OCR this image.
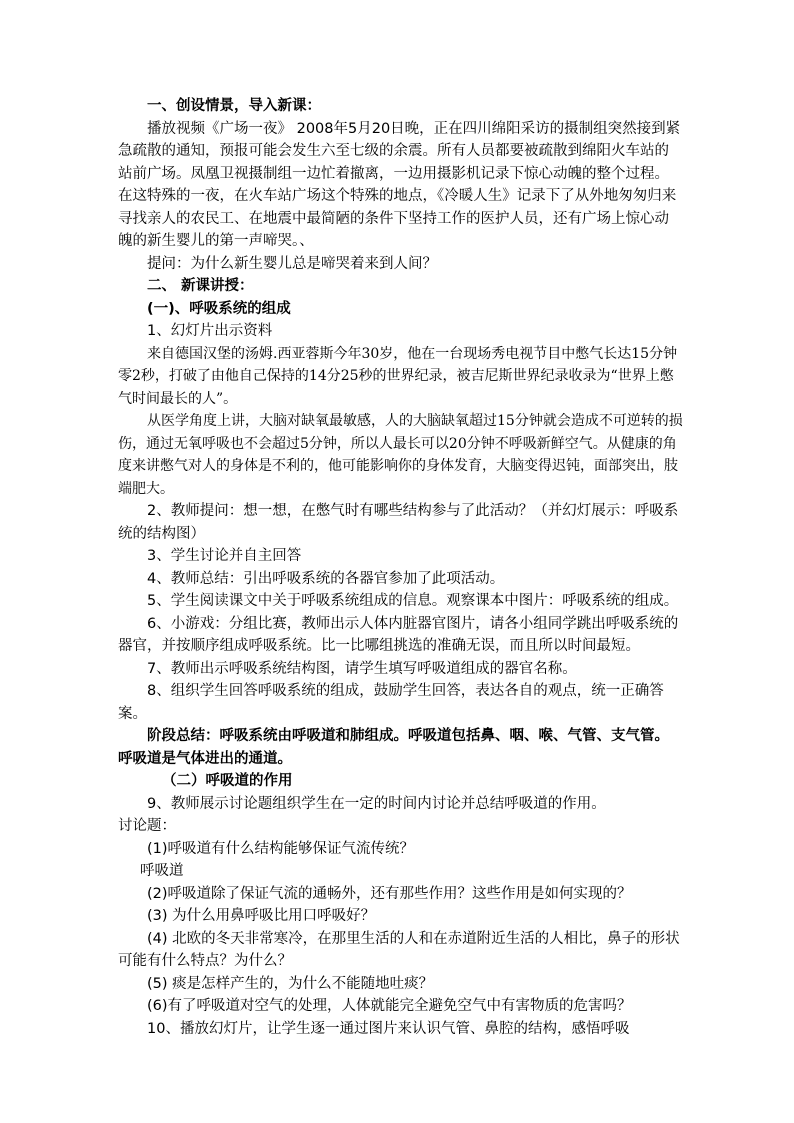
一、创设情景，导入新课：

播放视频《广场一夜》 2008年5月20日晚，正在四川绵阳采访的摄制组突然接到紧急疏散的通知，预报可能会发生六至七级的余震。所有人员都要被疏散到绵阳火车站的站前广场。凤凰卫视摄制组一边忙着撤离，一边用摄影机记录下惊心动魄的整个过程。在这特殊的一夜，在火车站广场这个特殊的地点，《冷暖人生》记录下了从外地匆匆归来寻找亲人的农民工、在地震中最简陋的条件下坚持工作的医护人员，还有广场上惊心动魄的新生婴儿的第一声啼哭。、

提问：为什么新生婴儿总是啼哭着来到人间？

二、 新课讲授：

(一)、呼吸系统的组成

1、幻灯片出示资料

来自德国汉堡的汤姆.西亚蓉斯今年30岁，他在一台现场秀电视节目中憋气长达15分钟零2秒，打破了由他自己保持的14分25秒的世界纪录，被吉尼斯世界纪录收录为“世界上憋气时间最长的人”。

从医学角度上讲，大脑对缺氧最敏感，人的大脑缺氧超过15分钟就会造成不可逆转的损伤，通过无氧呼吸也不会超过5分钟，所以人最长可以20分钟不呼吸新鲜空气。从健康的角度来讲憋气对人的身体是不利的，他可能影响你的身体发育，大脑变得迟钝，面部突出，肢端肥大。

2、教师提问：想一想，在憋气时有哪些结构参与了此活动？（并幻灯展示：呼吸系统的结构图）

3、学生讨论并自主回答

4、教师总结：引出呼吸系统的各器官参加了此项活动。

5、学生阅读课文中关于呼吸系统组成的信息。观察课本中图片：呼吸系统的组成。

6、小游戏：分组比赛，教师出示人体内脏器官图片，请各小组同学跳出呼吸系统的器官，并按顺序组成呼吸系统。比一比哪组挑选的准确无误，而且所以时间最短。

7、教师出示呼吸系统结构图，请学生填写呼吸道组成的器官名称。

8、组织学生回答呼吸系统的组成，鼓励学生回答，表达各自的观点，统一正确答案。

阶段总结：呼吸系统由呼吸道和肺组成。呼吸道包括鼻、咽、喉、气管、支气管。呼吸道是气体进出的通道。

（二）呼吸道的作用

9、教师展示讨论题组织学生在一定的时间内讨论并总结呼吸道的作用。

讨论题：

(1)呼吸道有什么结构能够保证气流传统？

呼吸道

(2)呼吸道除了保证气流的通畅外，还有那些作用？这些作用是如何实现的？

(3) 为什么用鼻呼吸比用口呼吸好？

(4) 北欧的冬天非常寒冷，在那里生活的人和在赤道附近生活的人相比，鼻子的形状可能有什么特点？为什么？

(5) 痰是怎样产生的，为什么不能随地吐痰？

(6)有了呼吸道对空气的处理，人体就能完全避免空气中有害物质的危害吗？

10、播放幻灯片，让学生逐一通过图片来认识气管、鼻腔的结构，感悟呼吸
